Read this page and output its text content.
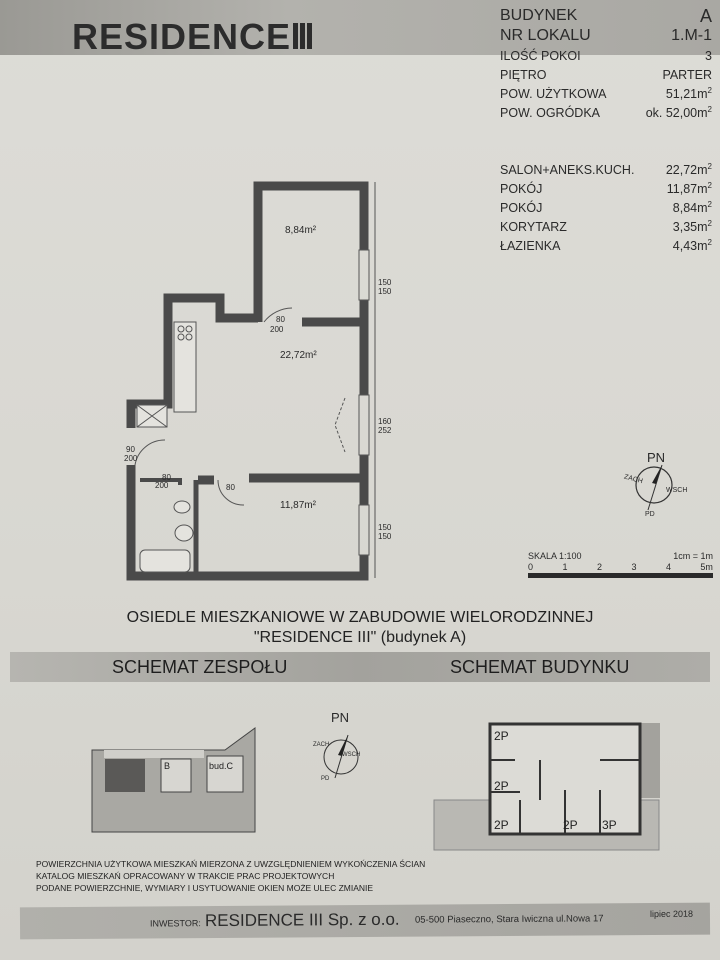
RESIDENCE
BUDYNEK	A
NR LOKALU	1.M-1
ILOŚĆ POKOI	3
PIĘTRO	PARTER
POW. UŻYTKOWA	$51,21m^2$
POW. OGRÓDKA	ok. $52,00m^2$
SALON+ANEKS.KUCH.	$22,72m^2$
POKÓJ	$11,87m^2$
POKÓJ	$8,84m^2$
KORYTARZ	$3,35m^2$
ŁAZIENKA	$4,43m^2$
8,84m²
22,72m²
11,87m²
150
150
160
252
150
150
80
200
90
200
80
200	80
PN
ZACH
WSCH
PD
B	bud.C
PN
ZACH
WSCH
PD
2P
2P
2P	2P 3P
SKALA 1:100	1cm = 1m
0	1	2	3	4	5m
OSIEDLE MIESZKANIOWE W ZABUDOWIE WIELORODZINNEJ
"RESIDENCE III" (budynek A)
SCHEMAT ZESPOŁU	SCHEMAT BUDYNKU
POWIERZCHNIA UŻYTKOWA MIESZKAŃ MIERZONA Z UWZGLĘDNIENIEM WYKOŃCZENIA ŚCIAN
KATALOG MIESZKAŃ OPRACOWANY W TRAKCIE PRAC PROJEKTOWYCH
PODANE POWIERZCHNIE, WYMIARY I USYTUOWANIE OKIEN MOŻE ULEC ZMIANIE
INWESTOR: RESIDENCE III Sp. z o.o. 05-500 Piaseczno, Stara Iwiczna ul.Nowa 17	lipiec 2018
